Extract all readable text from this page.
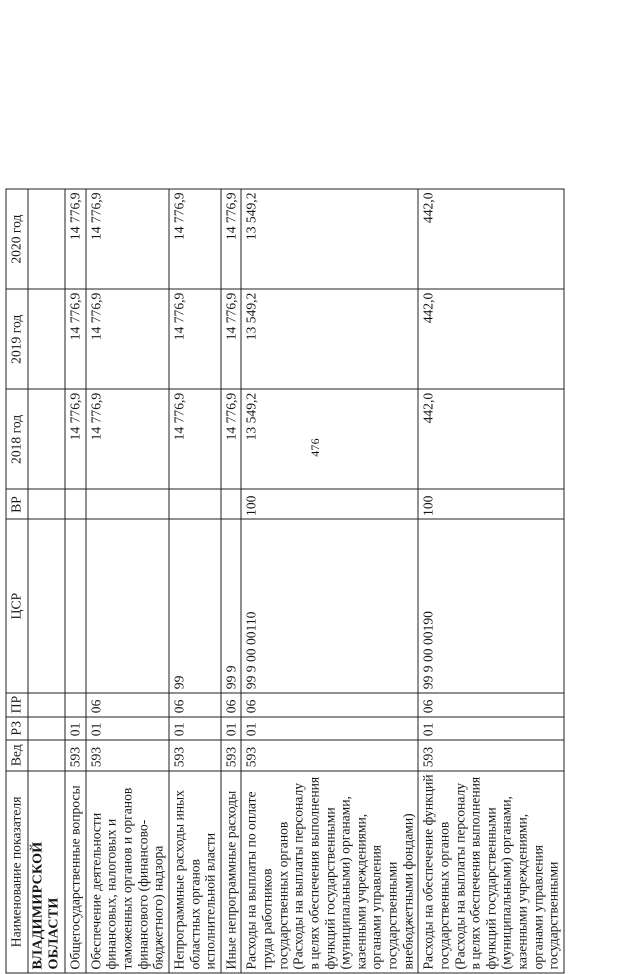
476
Наименование показателя	Вед	РЗ	ПР	ЦСР	ВР	2018 год	2019 год	2020 год
ВЛАДИМИРСКОЙ ОБЛАСТИ								
Общегосударственные вопросы	593	01				14 776,9	14 776,9	14 776,9
Обеспечение деятельности финансовых, налоговых и таможенных органов и органов финансового (финансово-бюджетного) надзора	593	01	06			14 776,9	14 776,9	14 776,9
Непрограммные расходы иных областных органов исполнительной власти	593	01	06	99		14 776,9	14 776,9	14 776,9
Иные непрограммные расходы	593	01	06	99 9		14 776,9	14 776,9	14 776,9
Расходы на выплаты по оплате труда работников государственных органов (Расходы на выплаты персоналу в целях обеспечения выполнения функций государственными (муниципальными) органами, казенными учреждениями, органами управления государственными внебюджетными фондами)	593	01	06	99 9 00 00110	100	13 549,2	13 549,2	13 549,2
Расходы на обеспечение функций государственных органов (Расходы на выплаты персоналу в целях обеспечения выполнения функций государственными (муниципальными) органами, казенными учреждениями, органами управления государственными	593	01	06	99 9 00 00190	100	442,0	442,0	442,0
